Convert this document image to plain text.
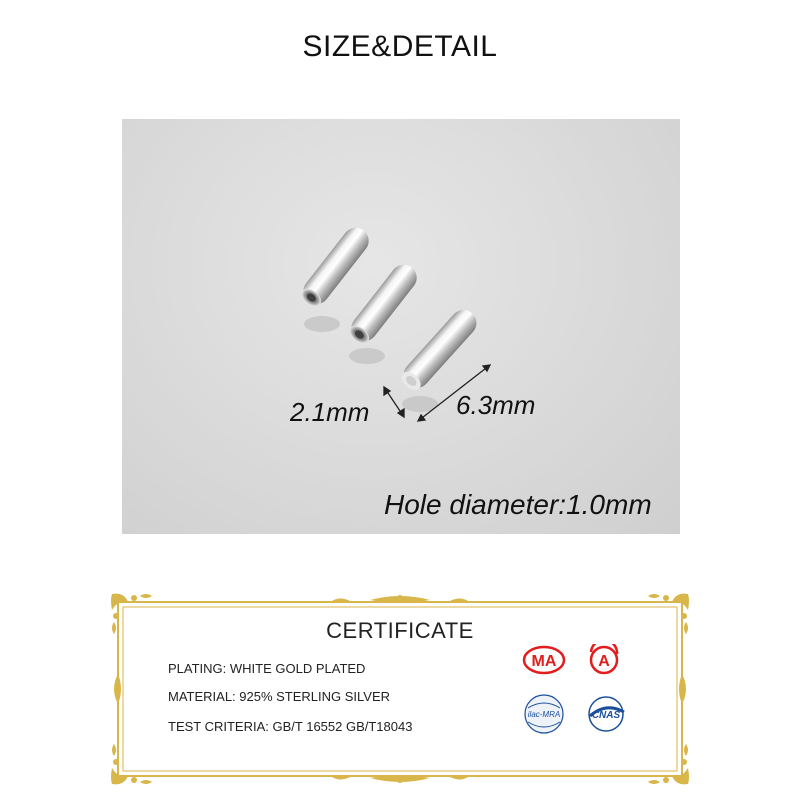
SIZE&DETAIL
2.1mm	6.3mm
Hole diameter:1.0mm
CERTIFICATE
PLATING: WHITE GOLD PLATED
MATERIAL: 925% STERLING SILVER
TEST CRITERIA: GB/T 16552 GB/T18043
MA	A
ilac-MRA	CNAS
